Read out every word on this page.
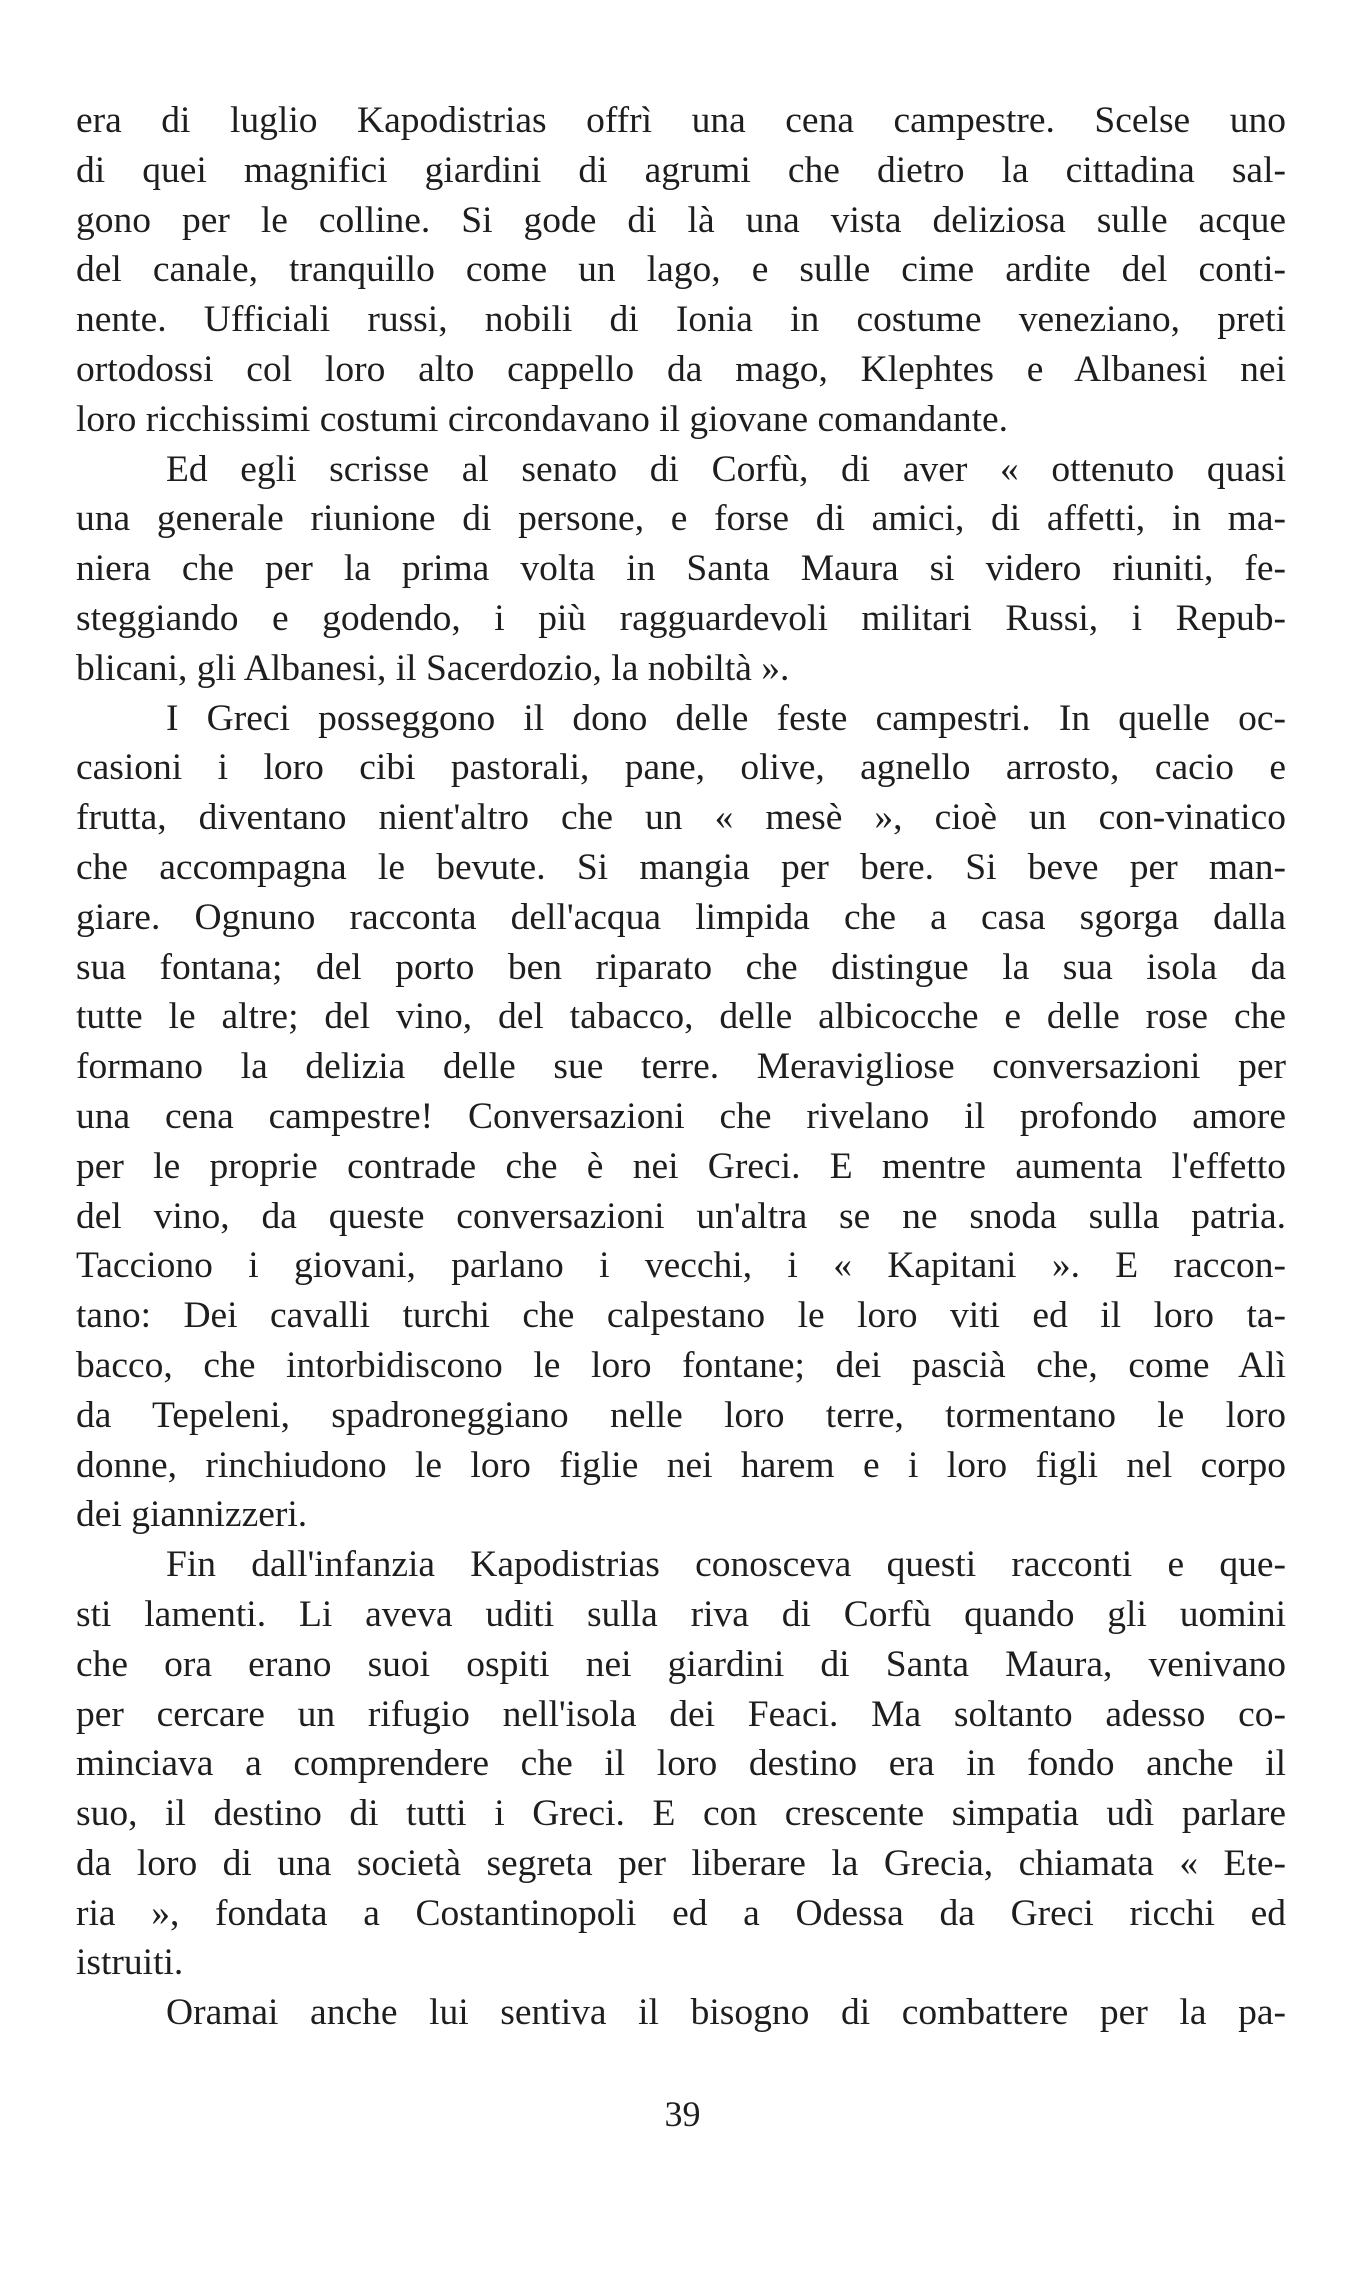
era di luglio Kapodistrias offrì una cena campestre. Scelse uno
di quei magnifici giardini di agrumi che dietro la cittadina sal-
gono per le colline. Si gode di là una vista deliziosa sulle acque
del canale, tranquillo come un lago, e sulle cime ardite del conti-
nente. Ufficiali russi, nobili di Ionia in costume veneziano, preti
ortodossi col loro alto cappello da mago, Klephtes e Albanesi nei
loro ricchissimi costumi circondavano il giovane comandante.
Ed egli scrisse al senato di Corfù, di aver « ottenuto quasi
una generale riunione di persone, e forse di amici, di affetti, in ma-
niera che per la prima volta in Santa Maura si videro riuniti, fe-
steggiando e godendo, i più ragguardevoli militari Russi, i Repub-
blicani, gli Albanesi, il Sacerdozio, la nobiltà ».
I Greci posseggono il dono delle feste campestri. In quelle oc-
casioni i loro cibi pastorali, pane, olive, agnello arrosto, cacio e
frutta, diventano nient'altro che un « mesè », cioè un con-vinatico
che accompagna le bevute. Si mangia per bere. Si beve per man-
giare. Ognuno racconta dell'acqua limpida che a casa sgorga dalla
sua fontana; del porto ben riparato che distingue la sua isola da
tutte le altre; del vino, del tabacco, delle albicocche e delle rose che
formano la delizia delle sue terre. Meravigliose conversazioni per
una cena campestre! Conversazioni che rivelano il profondo amore
per le proprie contrade che è nei Greci. E mentre aumenta l'effetto
del vino, da queste conversazioni un'altra se ne snoda sulla patria.
Tacciono i giovani, parlano i vecchi, i « Kapitani ». E raccon-
tano: Dei cavalli turchi che calpestano le loro viti ed il loro ta-
bacco, che intorbidiscono le loro fontane; dei pascià che, come Alì
da Tepeleni, spadroneggiano nelle loro terre, tormentano le loro
donne, rinchiudono le loro figlie nei harem e i loro figli nel corpo
dei giannizzeri.
Fin dall'infanzia Kapodistrias conosceva questi racconti e que-
sti lamenti. Li aveva uditi sulla riva di Corfù quando gli uomini
che ora erano suoi ospiti nei giardini di Santa Maura, venivano
per cercare un rifugio nell'isola dei Feaci. Ma soltanto adesso co-
minciava a comprendere che il loro destino era in fondo anche il
suo, il destino di tutti i Greci. E con crescente simpatia udì parlare
da loro di una società segreta per liberare la Grecia, chiamata « Ete-
ria », fondata a Costantinopoli ed a Odessa da Greci ricchi ed
istruiti.
Oramai anche lui sentiva il bisogno di combattere per la pa-
39
